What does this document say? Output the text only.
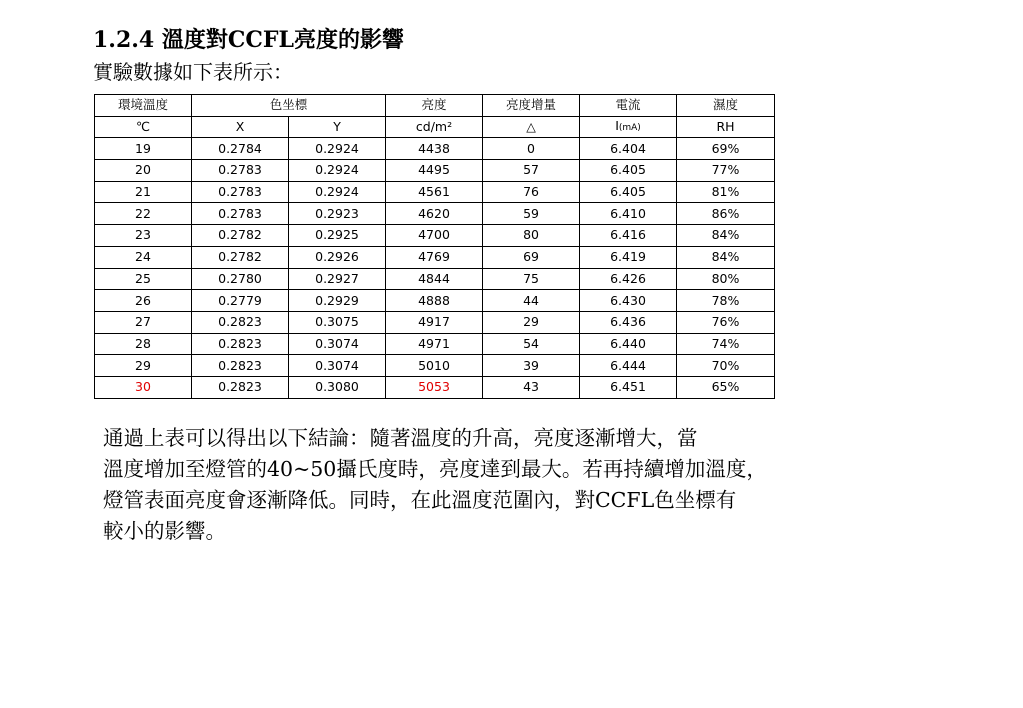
1.2.4 溫度對CCFL亮度的影響
實驗數據如下表所示：
環境溫度	色坐標		亮度	亮度增量	電流	濕度
℃	X	Y	cd/m²	△	I(mA)	RH
19	0.2784	0.2924	4438	0	6.404	69%
20	0.2783	0.2924	4495	57	6.405	77%
21	0.2783	0.2924	4561	76	6.405	81%
22	0.2783	0.2923	4620	59	6.410	86%
23	0.2782	0.2925	4700	80	6.416	84%
24	0.2782	0.2926	4769	69	6.419	84%
25	0.2780	0.2927	4844	75	6.426	80%
26	0.2779	0.2929	4888	44	6.430	78%
27	0.2823	0.3075	4917	29	6.436	76%
28	0.2823	0.3074	4971	54	6.440	74%
29	0.2823	0.3074	5010	39	6.444	70%
30	0.2823	0.3080	5053	43	6.451	65%
通過上表可以得出以下結論：隨著溫度的升高，亮度逐漸增大，當
溫度增加至燈管的40~50攝氏度時，亮度達到最大。若再持續增加溫度，
燈管表面亮度會逐漸降低。同時，在此溫度范圍內，對CCFL色坐標有
較小的影響。
